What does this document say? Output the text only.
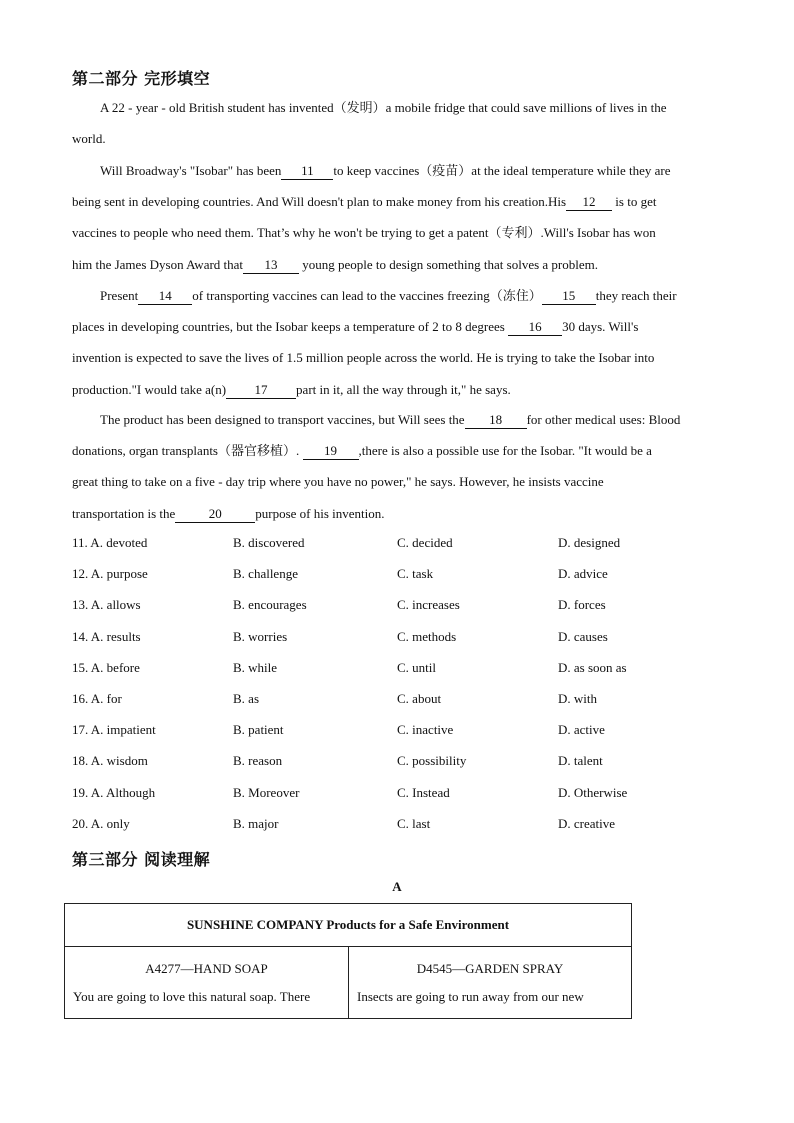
第二部分 完形填空
A 22 - year - old British student has invented（发明）a mobile fridge that could save millions of lives in the
world.
Will Broadway's "Isobar" has been 11 to keep vaccines（疫苗）at the ideal temperature while they are
being sent in developing countries. And Will doesn't plan to make money from his creation.His 12 is to get
vaccines to people who need them. That’s why he won't be trying to get a patent（专利）.Will's Isobar has won
him the James Dyson Award that 13 young people to design something that solves a problem.
Present 14 of transporting vaccines can lead to the vaccines freezing（冻住） 15 they reach their
places in developing countries, but the Isobar keeps a temperature of 2 to 8 degrees 16 30 days. Will's
invention is expected to save the lives of 1.5 million people across the world. He is trying to take the Isobar into
production."I would take a(n) 17 part in it, all the way through it," he says.
The product has been designed to transport vaccines, but Will sees the 18 for other medical uses: Blood
donations, organ transplants（器官移植）. 19 ,there is also a possible use for the Isobar. "It would be a
great thing to take on a five - day trip where you have no power," he says. However, he insists vaccine
transportation is the	20	purpose of his invention.
11. A. devoted	B. discovered	C. decided	D. designed
12. A. purpose	B. challenge	C. task	D. advice
13. A. allows	B. encourages	C. increases	D. forces
14. A. results	B. worries	C. methods	D. causes
15. A. before	B. while	C. until	D. as soon as
16. A. for	B. as	C. about	D. with
17. A. impatient	B. patient	C. inactive	D. active
18. A. wisdom	B. reason	C. possibility	D. talent
19. A. Although	B. Moreover	C. Instead	D. Otherwise
20. A. only	B. major	C. last	D. creative
第三部分 阅读理解
A
SUNSHINE COMPANY Products for a Safe Environment
A4277—HAND SOAP
You are going to love this natural soap. There
D4545—GARDEN SPRAY
Insects are going to run away from our new
